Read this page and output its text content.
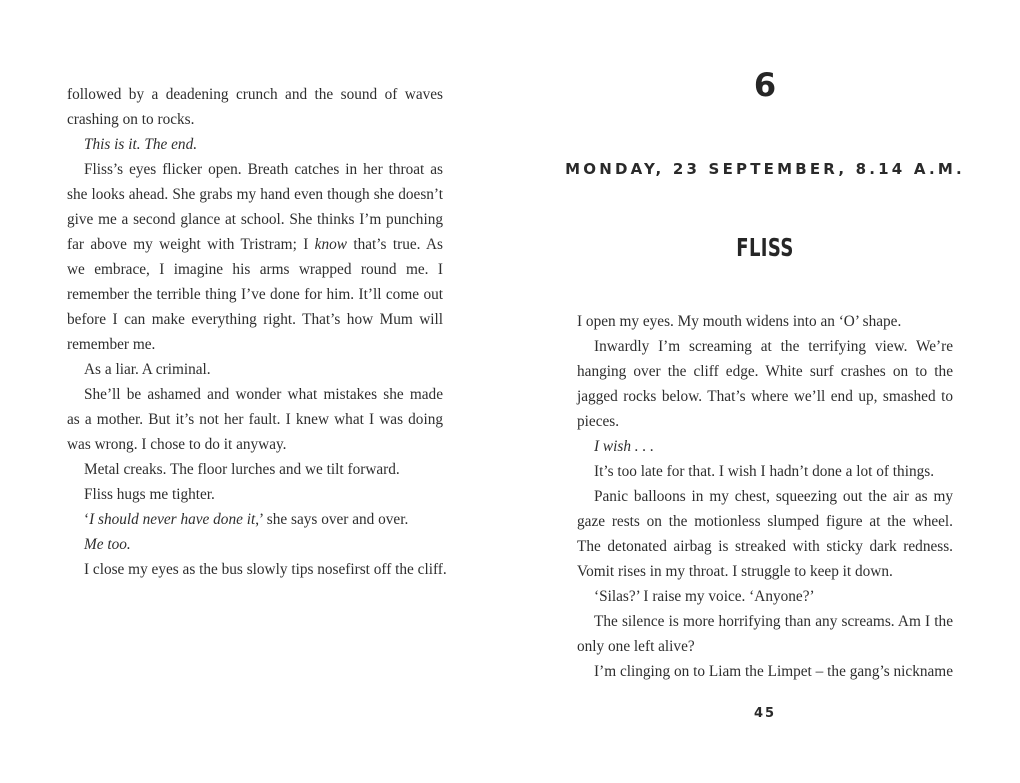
followed by a deadening crunch and the sound of waves
crashing on to rocks.
This is it. The end.
Fliss’s eyes flicker open. Breath catches in her throat as
she looks ahead. She grabs my hand even though she doesn’t
give me a second glance at school. She thinks I’m punching
far above my weight with Tristram; I know that’s true. As
we embrace, I imagine his arms wrapped round me. I
remember the terrible thing I’ve done for him. It’ll come out
before I can make everything right. That’s how Mum will
remember me.
As a liar. A criminal.
She’ll be ashamed and wonder what mistakes she made
as a mother. But it’s not her fault. I knew what I was doing
was wrong. I chose to do it anyway.
Metal creaks. The floor lurches and we tilt forward.
Fliss hugs me tighter.
‘I should never have done it,’ she says over and over.
Me too.
I close my eyes as the bus slowly tips nosefirst off the cliff.
6
MONDAY, 23 SEPTEMBER, 8.14 A.M.
FLISS
I open my eyes. My mouth widens into an ‘O’ shape.
Inwardly I’m screaming at the terrifying view. We’re
hanging over the cliff edge. White surf crashes on to the
jagged rocks below. That’s where we’ll end up, smashed to
pieces.
I wish . . .
It’s too late for that. I wish I hadn’t done a lot of things.
Panic balloons in my chest, squeezing out the air as my
gaze rests on the motionless slumped figure at the wheel.
The detonated airbag is streaked with sticky dark redness.
Vomit rises in my throat. I struggle to keep it down.
‘Silas?’ I raise my voice. ‘Anyone?’
The silence is more horrifying than any screams. Am I the
only one left alive?
I’m clinging on to Liam the Limpet – the gang’s nickname
45
